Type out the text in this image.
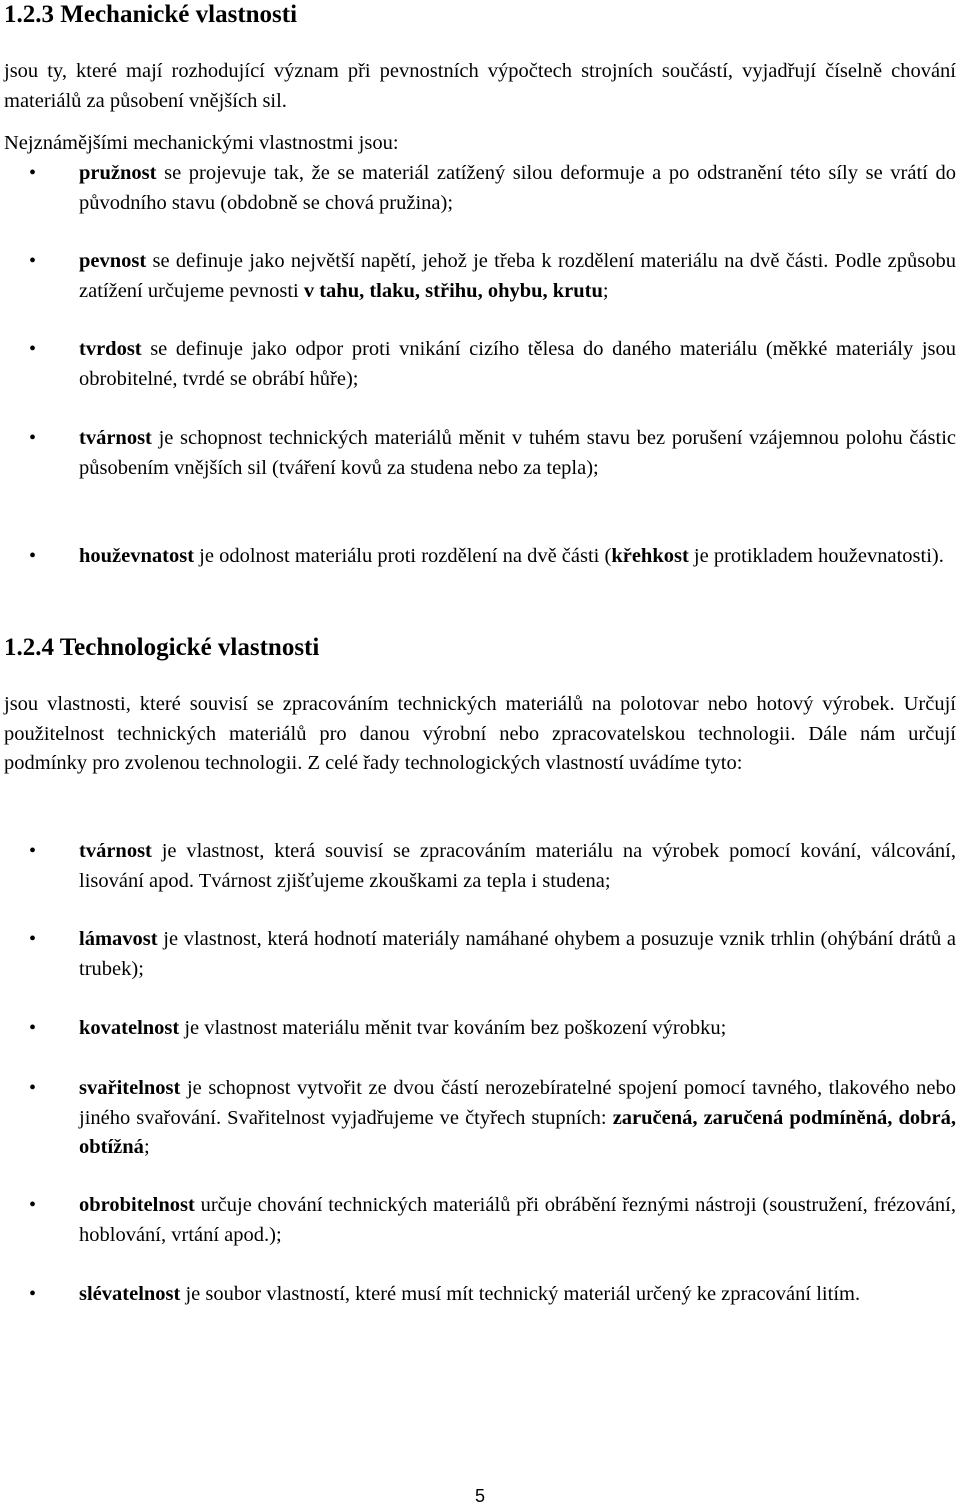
1.2.3 Mechanické vlastnosti
jsou ty, které mají rozhodující význam při pevnostních výpočtech strojních součástí, vyjadřují číselně chování materiálů za působení vnějších sil.
Nejznámějšími mechanickými vlastnostmi jsou:
• pružnost se projevuje tak, že se materiál zatížený silou deformuje a po odstranění této síly se vrátí do původního stavu (obdobně se chová pružina);
• pevnost se definuje jako největší napětí, jehož je třeba k rozdělení materiálu na dvě části. Podle způsobu zatížení určujeme pevnosti v tahu, tlaku, střihu, ohybu, krutu;
• tvrdost se definuje jako odpor proti vnikání cizího tělesa do daného materiálu (měkké materiály jsou obrobitelné, tvrdé se obrábí hůře);
• tvárnost je schopnost technických materiálů měnit v tuhém stavu bez porušení vzájemnou polohu částic působením vnějších sil (tváření kovů za studena nebo za tepla);
• houževnatost je odolnost materiálu proti rozdělení na dvě části (křehkost je protikladem houževnatosti).
1.2.4 Technologické vlastnosti
jsou vlastnosti, které souvisí se zpracováním technických materiálů na polotovar nebo hotový výrobek. Určují použitelnost technických materiálů pro danou výrobní nebo zpracovatelskou technologii. Dále nám určují podmínky pro zvolenou technologii. Z celé řady technologických vlastností uvádíme tyto:
• tvárnost je vlastnost, která souvisí se zpracováním materiálu na výrobek pomocí kování, válcování, lisování apod. Tvárnost zjišťujeme zkouškami za tepla i studena;
• lámavost je vlastnost, která hodnotí materiály namáhané ohybem a posuzuje vznik trhlin (ohýbání drátů a trubek);
• kovatelnost je vlastnost materiálu měnit tvar kováním bez poškození výrobku;
• svařitelnost je schopnost vytvořit ze dvou částí nerozebíratelné spojení pomocí tavného, tlakového nebo jiného svařování. Svařitelnost vyjadřujeme ve čtyřech stupních: zaručená, zaručená podmíněná, dobrá, obtížná;
• obrobitelnost určuje chování technických materiálů při obrábění řeznými nástroji (soustružení, frézování, hoblování, vrtání apod.);
• slévatelnost je soubor vlastností, které musí mít technický materiál určený ke zpracování litím.
5
